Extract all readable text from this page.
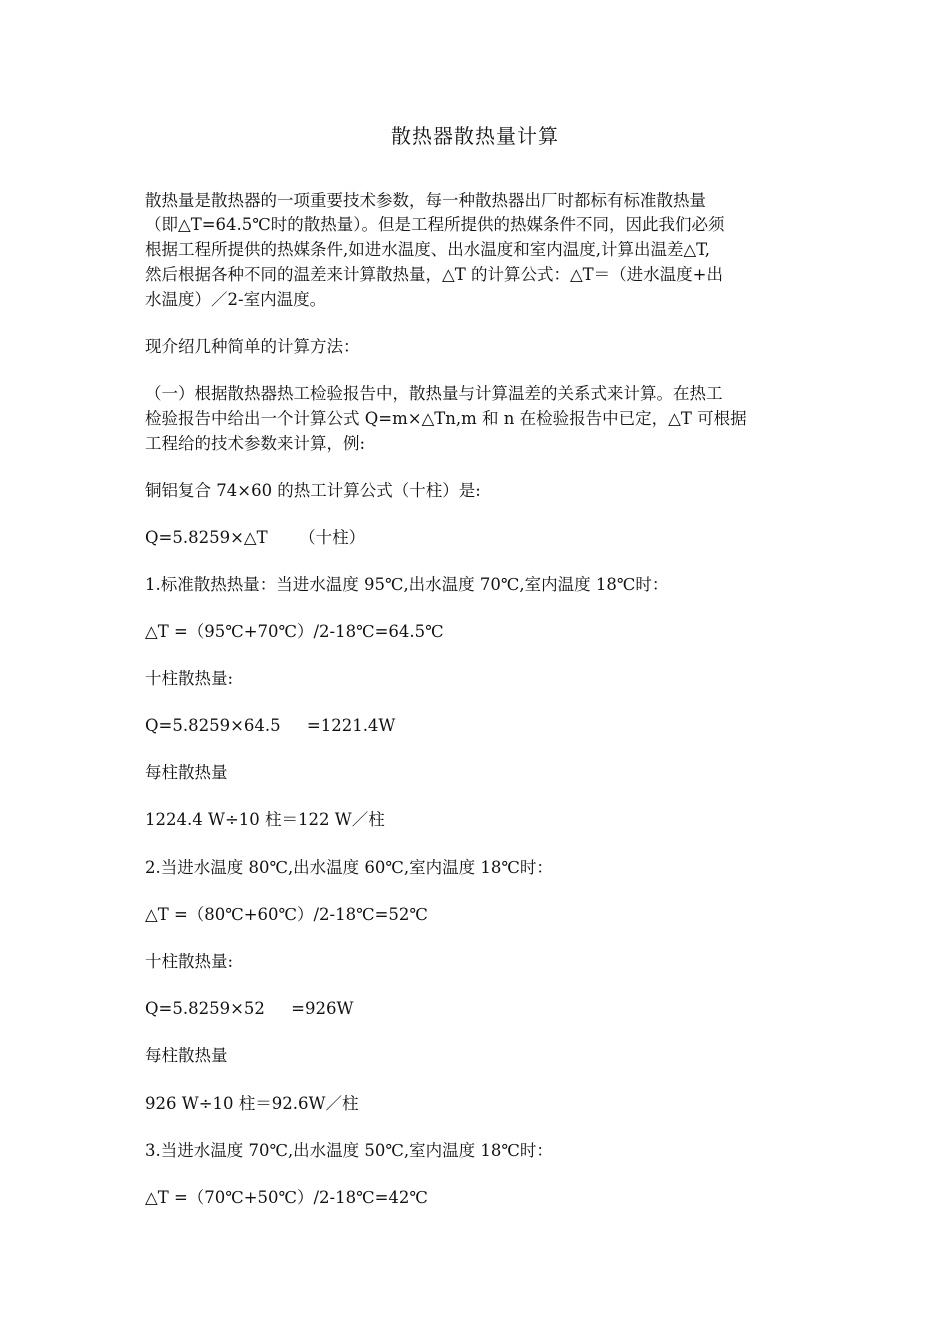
散热器散热量计算
散热量是散热器的一项重要技术参数，每一种散热器出厂时都标有标准散热量
（即△T=64.5℃时的散热量）。但是工程所提供的热媒条件不同，因此我们必须
根据工程所提供的热媒条件,如进水温度、出水温度和室内温度,计算出温差△T,
然后根据各种不同的温差来计算散热量，△T 的计算公式：△T＝（进水温度+出
水温度）／2-室内温度。
现介绍几种简单的计算方法：
（一）根据散热器热工检验报告中，散热量与计算温差的关系式来计算。在热工
检验报告中给出一个计算公式 Q=m×△Tn,m 和 n 在检验报告中已定，△T 可根据
工程给的技术参数来计算，例:
铜铝复合 74×60 的热工计算公式（十柱）是:
Q=5.8259×△T      （十柱）
1.标准散热热量：当进水温度 95℃,出水温度 70℃,室内温度 18℃时：
△T =（95℃+70℃）/2-18℃=64.5℃
十柱散热量:
Q=5.8259×64.5     =1221.4W
每柱散热量
1224.4 W÷10 柱＝122 W／柱
2.当进水温度 80℃,出水温度 60℃,室内温度 18℃时：
△T =（80℃+60℃）/2-18℃=52℃
十柱散热量:
Q=5.8259×52     =926W
每柱散热量
926 W÷10 柱＝92.6W／柱
3.当进水温度 70℃,出水温度 50℃,室内温度 18℃时：
△T =（70℃+50℃）/2-18℃=42℃
